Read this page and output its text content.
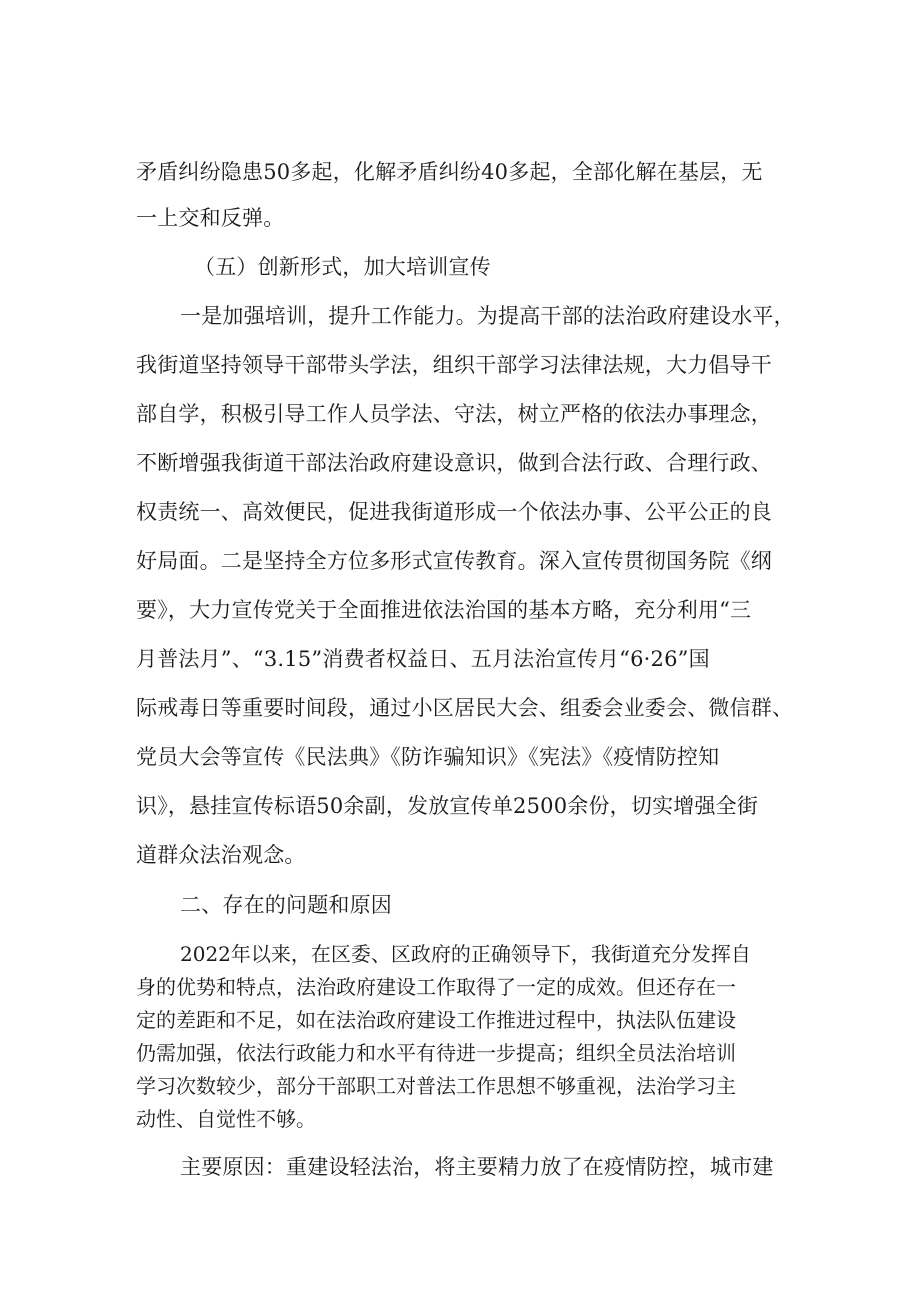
矛盾纠纷隐患50多起，化解矛盾纠纷40多起，全部化解在基层，无
一上交和反弹。
（五）创新形式，加大培训宣传
一是加强培训，提升工作能力。为提高干部的法治政府建设水平，
我街道坚持领导干部带头学法，组织干部学习法律法规，大力倡导干
部自学，积极引导工作人员学法、守法，树立严格的依法办事理念，
不断增强我街道干部法治政府建设意识，做到合法行政、合理行政、
权责统一、高效便民，促进我街道形成一个依法办事、公平公正的良
好局面。二是坚持全方位多形式宣传教育。深入宣传贯彻国务院《纲
要》，大力宣传党关于全面推进依法治国的基本方略，充分利用“三
月普法月”、“3.15”消费者权益日、五月法治宣传月“6·26”国
际戒毒日等重要时间段，通过小区居民大会、组委会业委会、微信群、
党员大会等宣传《民法典》《防诈骗知识》《宪法》《疫情防控知
识》，悬挂宣传标语50余副，发放宣传单2500余份，切实增强全街
道群众法治观念。
二、存在的问题和原因
2022年以来，在区委、区政府的正确领导下，我街道充分发挥自
身的优势和特点，法治政府建设工作取得了一定的成效。但还存在一
定的差距和不足，如在法治政府建设工作推进过程中，执法队伍建设
仍需加强，依法行政能力和水平有待进一步提高；组织全员法治培训
学习次数较少，部分干部职工对普法工作思想不够重视，法治学习主
动性、自觉性不够。
主要原因：重建设轻法治，将主要精力放了在疫情防控，城市建
